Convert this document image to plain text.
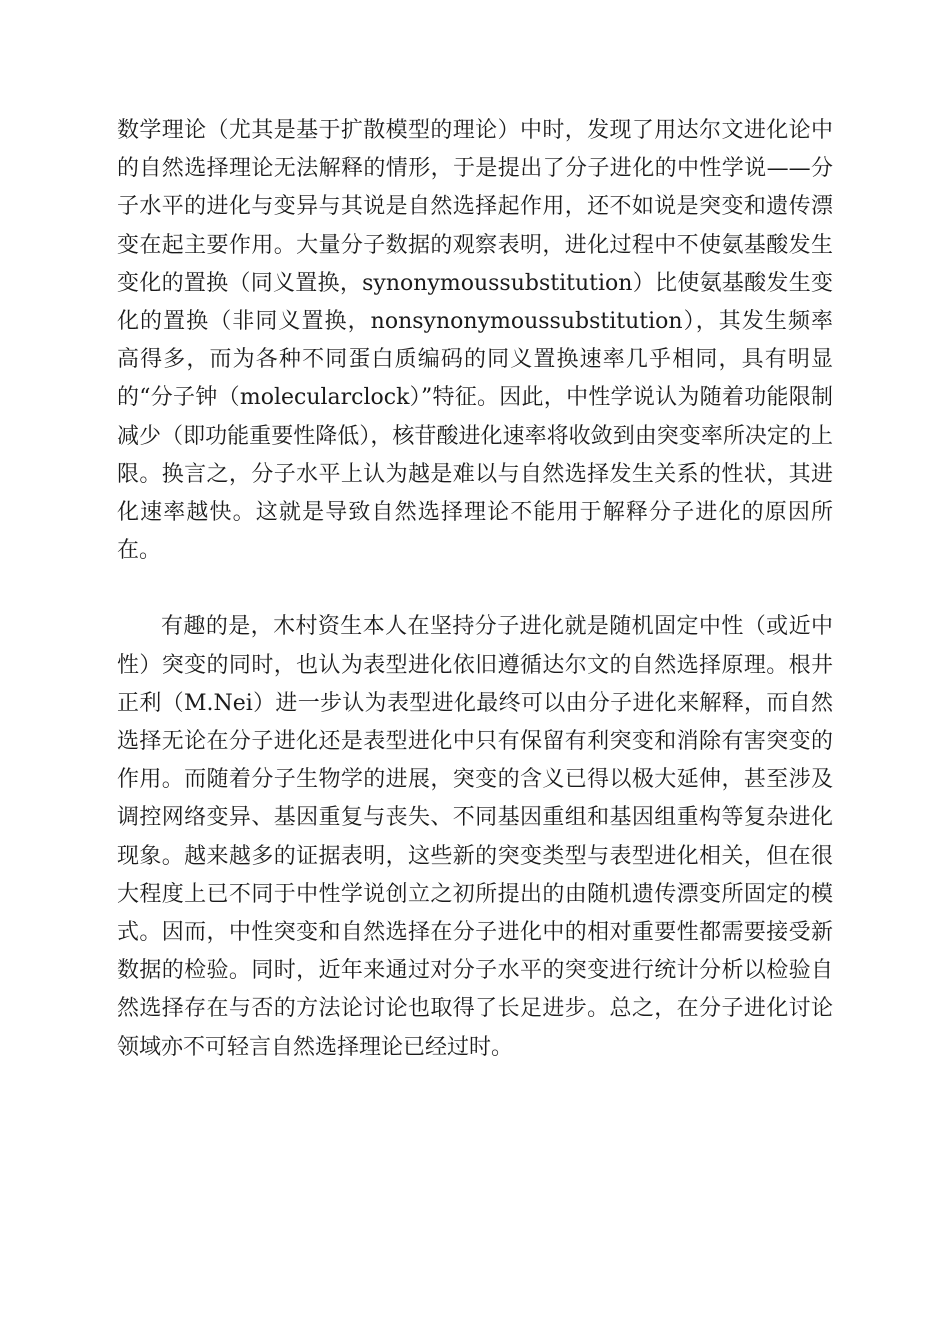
数学理论（尤其是基于扩散模型的理论）中时，发现了用达尔文进化论中的自然选择理论无法解释的情形，于是提出了分子进化的中性学说——分子水平的进化与变异与其说是自然选择起作用，还不如说是突变和遗传漂变在起主要作用。大量分子数据的观察表明，进化过程中不使氨基酸发生变化的置换（同义置换，synonymoussubstitution）比使氨基酸发生变化的置换（非同义置换，nonsynonymoussubstitution），其发生频率高得多，而为各种不同蛋白质编码的同义置换速率几乎相同，具有明显的“分子钟（molecularclock）”特征。因此，中性学说认为随着功能限制减少（即功能重要性降低），核苷酸进化速率将收敛到由突变率所决定的上限。换言之，分子水平上认为越是难以与自然选择发生关系的性状，其进化速率越快。这就是导致自然选择理论不能用于解释分子进化的原因所在。

有趣的是，木村资生本人在坚持分子进化就是随机固定中性（或近中性）突变的同时，也认为表型进化依旧遵循达尔文的自然选择原理。根井正利（M.Nei）进一步认为表型进化最终可以由分子进化来解释，而自然选择无论在分子进化还是表型进化中只有保留有利突变和消除有害突变的作用。而随着分子生物学的进展，突变的含义已得以极大延伸，甚至涉及调控网络变异、基因重复与丧失、不同基因重组和基因组重构等复杂进化现象。越来越多的证据表明，这些新的突变类型与表型进化相关，但在很大程度上已不同于中性学说创立之初所提出的由随机遗传漂变所固定的模式。因而，中性突变和自然选择在分子进化中的相对重要性都需要接受新数据的检验。同时，近年来通过对分子水平的突变进行统计分析以检验自然选择存在与否的方法论讨论也取得了长足进步。总之，在分子进化讨论领域亦不可轻言自然选择理论已经过时。
